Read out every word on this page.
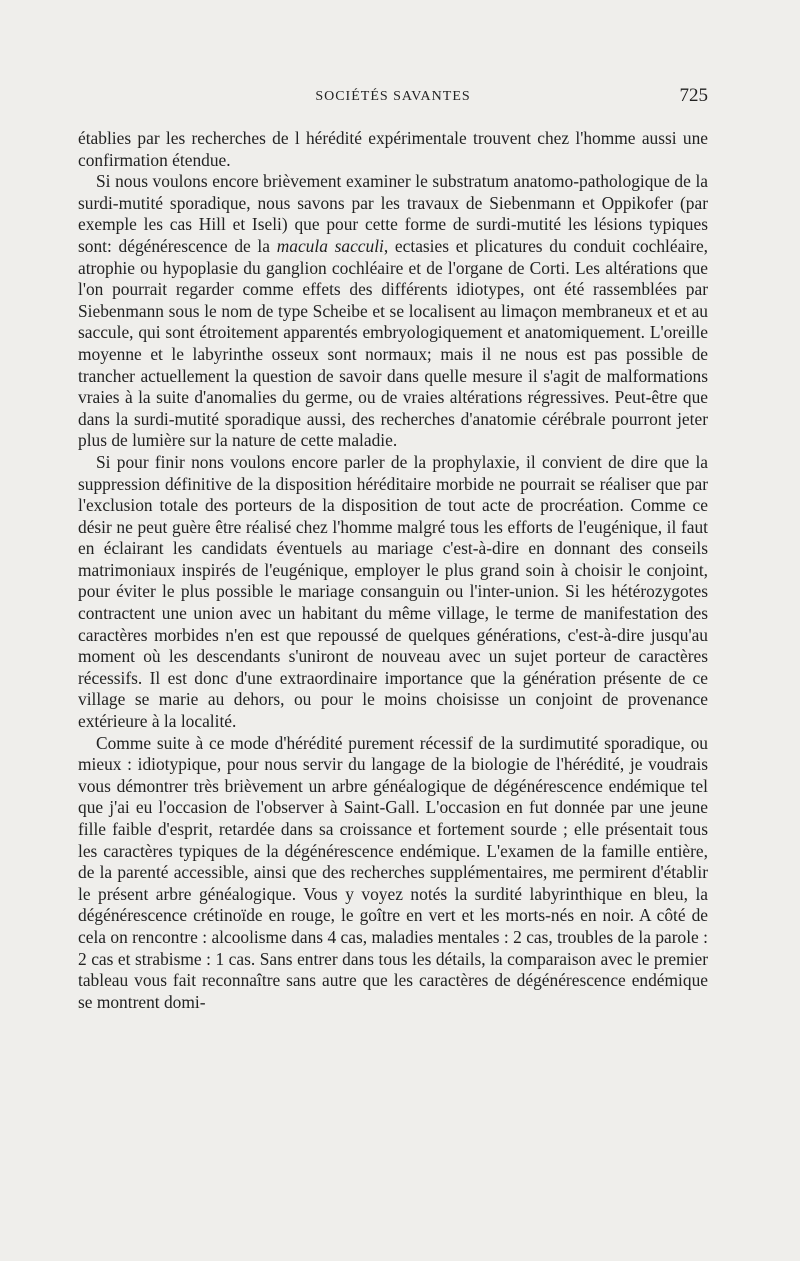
SOCIÉTÉS SAVANTES	725

établies par les recherches de l hérédité expérimentale trouvent chez l'homme aussi une confirmation étendue.

Si nous voulons encore brièvement examiner le substratum anatomo-pathologique de la surdi-mutité sporadique, nous savons par les travaux de Siebenmann et Oppikofer (par exemple les cas Hill et Iseli) que pour cette forme de surdi-mutité les lésions typiques sont: dégénérescence de la macula sacculi, ectasies et plicatures du conduit cochléaire, atrophie ou hypoplasie du ganglion cochléaire et de l'organe de Corti. Les altérations que l'on pourrait regarder comme effets des différents idiotypes, ont été rassemblées par Siebenmann sous le nom de type Scheibe et se localisent au limaçon membraneux et et au saccule, qui sont étroitement apparentés embryologiquement et anatomiquement. L'oreille moyenne et le labyrinthe osseux sont normaux; mais il ne nous est pas possible de trancher actuellement la question de savoir dans quelle mesure il s'agit de malformations vraies à la suite d'anomalies du germe, ou de vraies altérations régressives. Peut-être que dans la surdi-mutité sporadique aussi, des recherches d'anatomie cérébrale pourront jeter plus de lumière sur la nature de cette maladie.

Si pour finir nons voulons encore parler de la prophylaxie, il convient de dire que la suppression définitive de la disposition héréditaire morbide ne pourrait se réaliser que par l'exclusion totale des porteurs de la disposition de tout acte de procréation. Comme ce désir ne peut guère être réalisé chez l'homme malgré tous les efforts de l'eugénique, il faut en éclairant les candidats éventuels au mariage c'est-à-dire en donnant des conseils matrimoniaux inspirés de l'eugénique, employer le plus grand soin à choisir le conjoint, pour éviter le plus possible le mariage consanguin ou l'inter-union. Si les hétérozygotes contractent une union avec un habitant du même village, le terme de manifestation des caractères morbides n'en est que repoussé de quelques générations, c'est-à-dire jusqu'au moment où les descendants s'uniront de nouveau avec un sujet porteur de caractères récessifs. Il est donc d'une extraordinaire importance que la génération présente de ce village se marie au dehors, ou pour le moins choisisse un conjoint de provenance extérieure à la localité.

Comme suite à ce mode d'hérédité purement récessif de la surdimutité sporadique, ou mieux : idiotypique, pour nous servir du langage de la biologie de l'hérédité, je voudrais vous démontrer très brièvement un arbre généalogique de dégénérescence endémique tel que j'ai eu l'occasion de l'observer à Saint-Gall. L'occasion en fut donnée par une jeune fille faible d'esprit, retardée dans sa croissance et fortement sourde ; elle présentait tous les caractères typiques de la dégénérescence endémique. L'examen de la famille entière, de la parenté accessible, ainsi que des recherches supplémentaires, me permirent d'établir le présent arbre généalogique. Vous y voyez notés la surdité labyrinthique en bleu, la dégénérescence crétinoïde en rouge, le goître en vert et les morts-nés en noir. A côté de cela on rencontre : alcoolisme dans 4 cas, maladies mentales : 2 cas, troubles de la parole : 2 cas et strabisme : 1 cas. Sans entrer dans tous les détails, la comparaison avec le premier tableau vous fait reconnaître sans autre que les caractères de dégénérescence endémique se montrent domi-
